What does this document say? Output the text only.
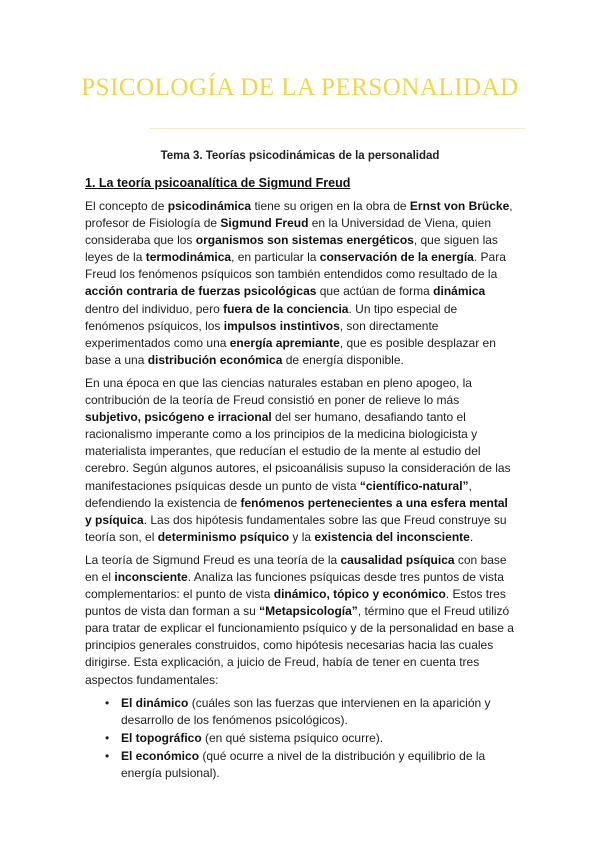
PSICOLOGÍA DE LA PERSONALIDAD
Tema 3. Teorías psicodinámicas de la personalidad
1. La teoría psicoanalítica de Sigmund Freud

El concepto de psicodinámica tiene su origen en la obra de Ernst von Brücke, profesor de Fisiología de Sigmund Freud en la Universidad de Viena, quien consideraba que los organismos son sistemas energéticos, que siguen las leyes de la termodinámica, en particular la conservación de la energía. Para Freud los fenómenos psíquicos son también entendidos como resultado de la acción contraria de fuerzas psicológicas que actúan de forma dinámica dentro del individuo, pero fuera de la conciencia. Un tipo especial de fenómenos psíquicos, los impulsos instintivos, son directamente experimentados como una energía apremiante, que es posible desplazar en base a una distribución económica de energía disponible.

En una época en que las ciencias naturales estaban en pleno apogeo, la contribución de la teoría de Freud consistió en poner de relieve lo más subjetivo, psicógeno e irracional del ser humano, desafiando tanto el racionalismo imperante como a los principios de la medicina biologicista y materialista imperantes, que reducían el estudio de la mente al estudio del cerebro. Según algunos autores, el psicoanálisis supuso la consideración de las manifestaciones psíquicas desde un punto de vista “científico-natural”, defendiendo la existencia de fenómenos pertenecientes a una esfera mental y psíquica. Las dos hipótesis fundamentales sobre las que Freud construye su teoría son, el determinismo psíquico y la existencia del inconsciente.

La teoría de Sigmund Freud es una teoría de la causalidad psíquica con base en el inconsciente. Analiza las funciones psíquicas desde tres puntos de vista complementarios: el punto de vista dinámico, tópico y económico. Estos tres puntos de vista dan forman a su “Metapsicología”, término que el Freud utilizó para tratar de explicar el funcionamiento psíquico y de la personalidad en base a principios generales construidos, como hipótesis necesarias hacia las cuales dirigirse. Esta explicación, a juicio de Freud, había de tener en cuenta tres aspectos fundamentales:

• El dinámico (cuáles son las fuerzas que intervienen en la aparición y desarrollo de los fenómenos psicológicos).
• El topográfico (en qué sistema psíquico ocurre).
• El económico (qué ocurre a nivel de la distribución y equilibrio de la energía pulsional).
